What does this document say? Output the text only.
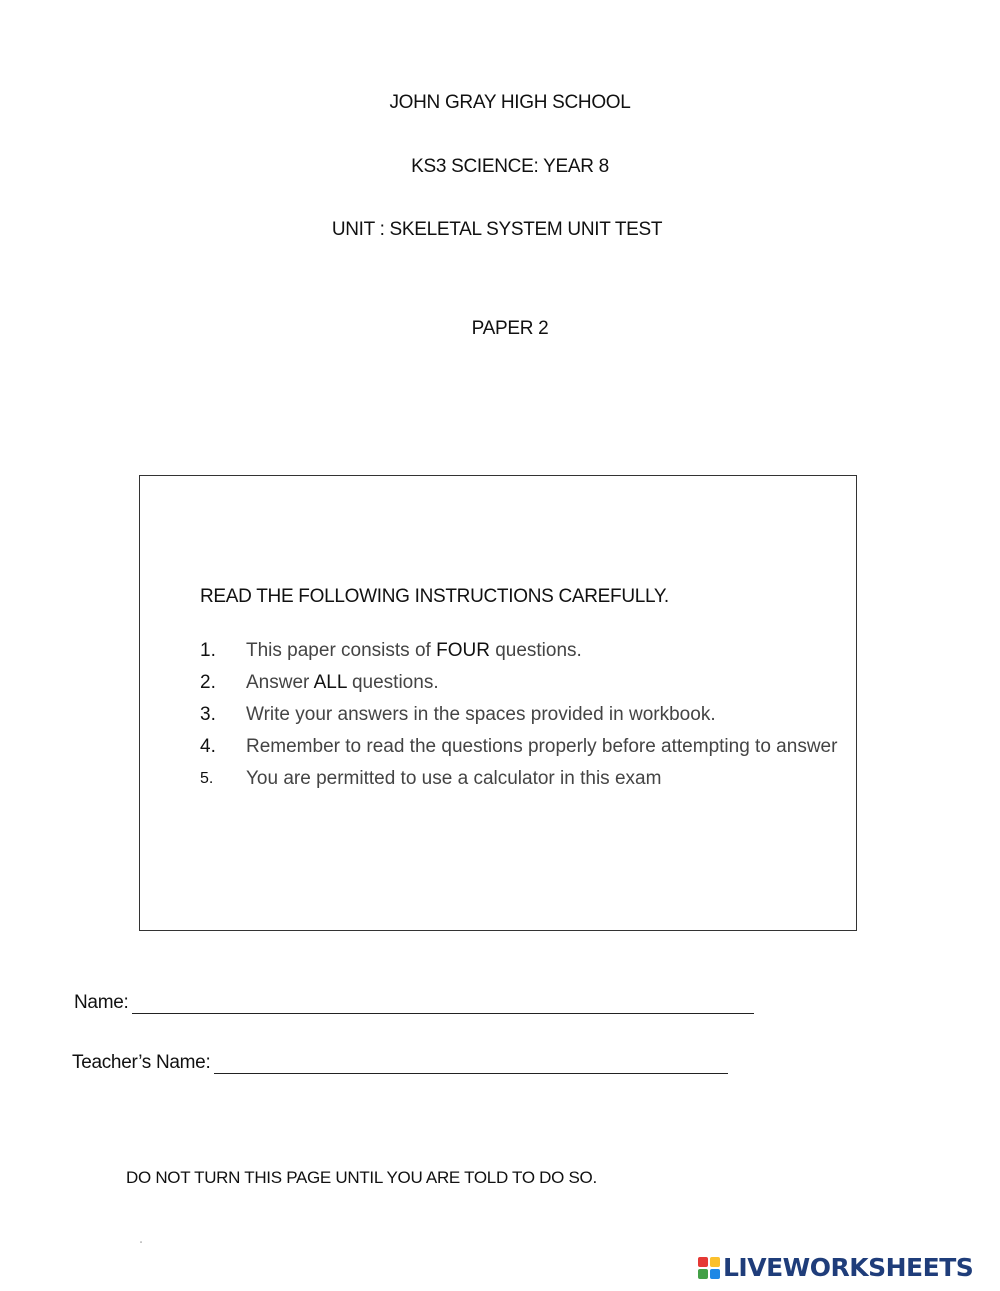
JOHN GRAY HIGH SCHOOL
KS3 SCIENCE: YEAR 8
UNIT : SKELETAL SYSTEM UNIT TEST
PAPER 2
READ THE FOLLOWING INSTRUCTIONS CAREFULLY.
1.	This paper consists of FOUR questions.
2.	Answer ALL questions.
3.	Write your answers in the spaces provided in workbook.
4.	Remember to read the questions properly before attempting to answer
5.	You are permitted to use a calculator in this exam
Name:
Teacher’s Name:
DO NOT TURN THIS PAGE UNTIL YOU ARE TOLD TO DO SO.
▫
LIVEWORKSHEETS
